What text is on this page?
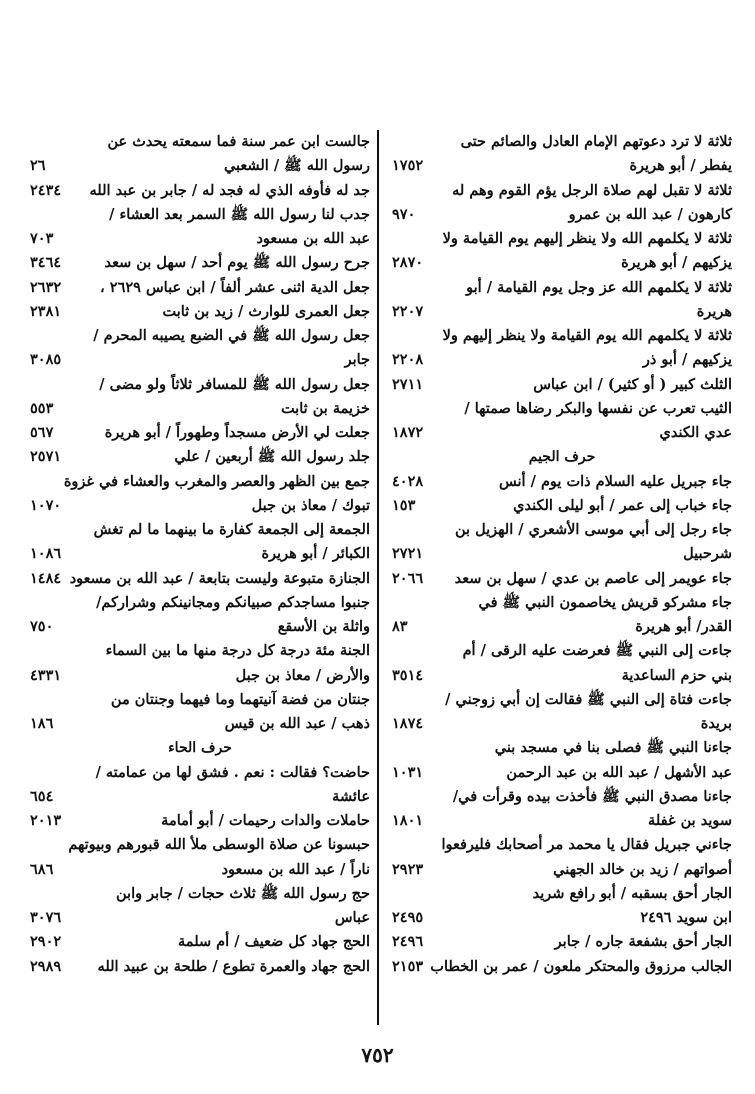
ثلاثة لا ترد دعوتهم الإمام العادل والصائم حتى
يفطر / أبو هريرة
١٧٥٢
ثلاثة لا تقبل لهم صلاة الرجل يؤم القوم وهم له
كارهون / عبد الله بن عمرو
٩٧٠
ثلاثة لا يكلمهم الله ولا ينظر إليهم يوم القيامة ولا
يزكيهم / أبو هريرة
٢٨٧٠
ثلاثة لا يكلمهم الله عز وجل يوم القيامة / أبو
هريرة
٢٢٠٧
ثلاثة لا يكلمهم الله يوم القيامة ولا ينظر إليهم ولا
يزكيهم / أبو ذر
٢٢٠٨
الثلث كبير ( أو كثير) / ابن عباس
٢٧١١
الثيب تعرب عن نفسها والبكر رضاها صمتها /
عدي الكندي
١٨٧٢
حرف الجيم
جاء جبريل عليه السلام ذات يوم / أنس
٤٠٢٨
جاء خباب إلى عمر / أبو ليلى الكندي
١٥٣
جاء رجل إلى أبي موسى الأشعري / الهزيل بن
شرحبيل
٢٧٢١
جاء عويمر إلى عاصم بن عدي / سهل بن سعد
٢٠٦٦
جاء مشركو قريش يخاصمون النبي ﷺ في
القدر/ أبو هريرة
٨٣
جاءت إلى النبي ﷺ فعرضت عليه الرقى / أم
بني حزم الساعدية
٣٥١٤
جاءت فتاة إلى النبي ﷺ فقالت إن أبي زوجني /
بريدة
١٨٧٤
جاءنا النبي ﷺ فصلى بنا في مسجد بني
عبد الأشهل / عبد الله بن عبد الرحمن
١٠٣١
جاءنا مصدق النبي ﷺ فأخذت بيده وقرأت في/
سويد بن غفلة
١٨٠١
جاءني جبريل فقال يا محمد مر أصحابك فليرفعوا
أصواتهم / زيد بن خالد الجهني
٢٩٢٣
الجار أحق بسقبه / أبو رافع شريد
ابن سويد ٢٤٩٦
٢٤٩٥
الجار أحق بشفعة جاره / جابر
٢٤٩٦
الجالب مرزوق والمحتكر ملعون / عمر بن الخطاب
٢١٥٣
جالست ابن عمر سنة فما سمعته يحدث عن
رسول الله ﷺ / الشعبي
٢٦
جد له فأوفه الذي له فجد له / جابر بن عبد الله
٢٤٣٤
جدب لنا رسول الله ﷺ السمر بعد العشاء /
عبد الله بن مسعود
٧٠٣
جرح رسول الله ﷺ يوم أحد / سهل بن سعد
٣٤٦٤
جعل الدية اثنى عشر ألفاً / ابن عباس ٢٦٢٩ ،
٢٦٣٢
جعل العمرى للوارث / زيد بن ثابت
٢٣٨١
جعل رسول الله ﷺ في الضبع يصيبه المحرم /
جابر
٣٠٨٥
جعل رسول الله ﷺ للمسافر ثلاثاً ولو مضى /
خزيمة بن ثابت
٥٥٣
جعلت لي الأرض مسجداً وطهوراً / أبو هريرة
٥٦٧
جلد رسول الله ﷺ أربعين / علي
٢٥٧١
جمع بين الظهر والعصر والمغرب والعشاء في غزوة
تبوك / معاذ بن جبل
١٠٧٠
الجمعة إلى الجمعة كفارة ما بينهما ما لم تغش
الكبائر / أبو هريرة
١٠٨٦
الجنازة متبوعة وليست بتابعة / عبد الله بن مسعود
١٤٨٤
جنبوا مساجدكم صبيانكم ومجانينكم وشراركم/
واثلة بن الأسقع
٧٥٠
الجنة مئة درجة كل درجة منها ما بين السماء
والأرض / معاذ بن جبل
٤٣٣١
جنتان من فضة آنيتهما وما فيهما وجنتان من
ذهب / عبد الله بن قيس
١٨٦
حرف الحاء
حاضت؟ فقالت : نعم . فشق لها من عمامته /
عائشة
٦٥٤
حاملات والدات رحيمات / أبو أمامة
٢٠١٣
حبسونا عن صلاة الوسطى ملأ الله قبورهم وبيوتهم
ناراً / عبد الله بن مسعود
٦٨٦
حج رسول الله ﷺ ثلاث حجات / جابر وابن
عباس
٣٠٧٦
الحج جهاد كل ضعيف / أم سلمة
٢٩٠٢
الحج جهاد والعمرة تطوع / طلحة بن عبيد الله
٢٩٨٩
٧٥٢
